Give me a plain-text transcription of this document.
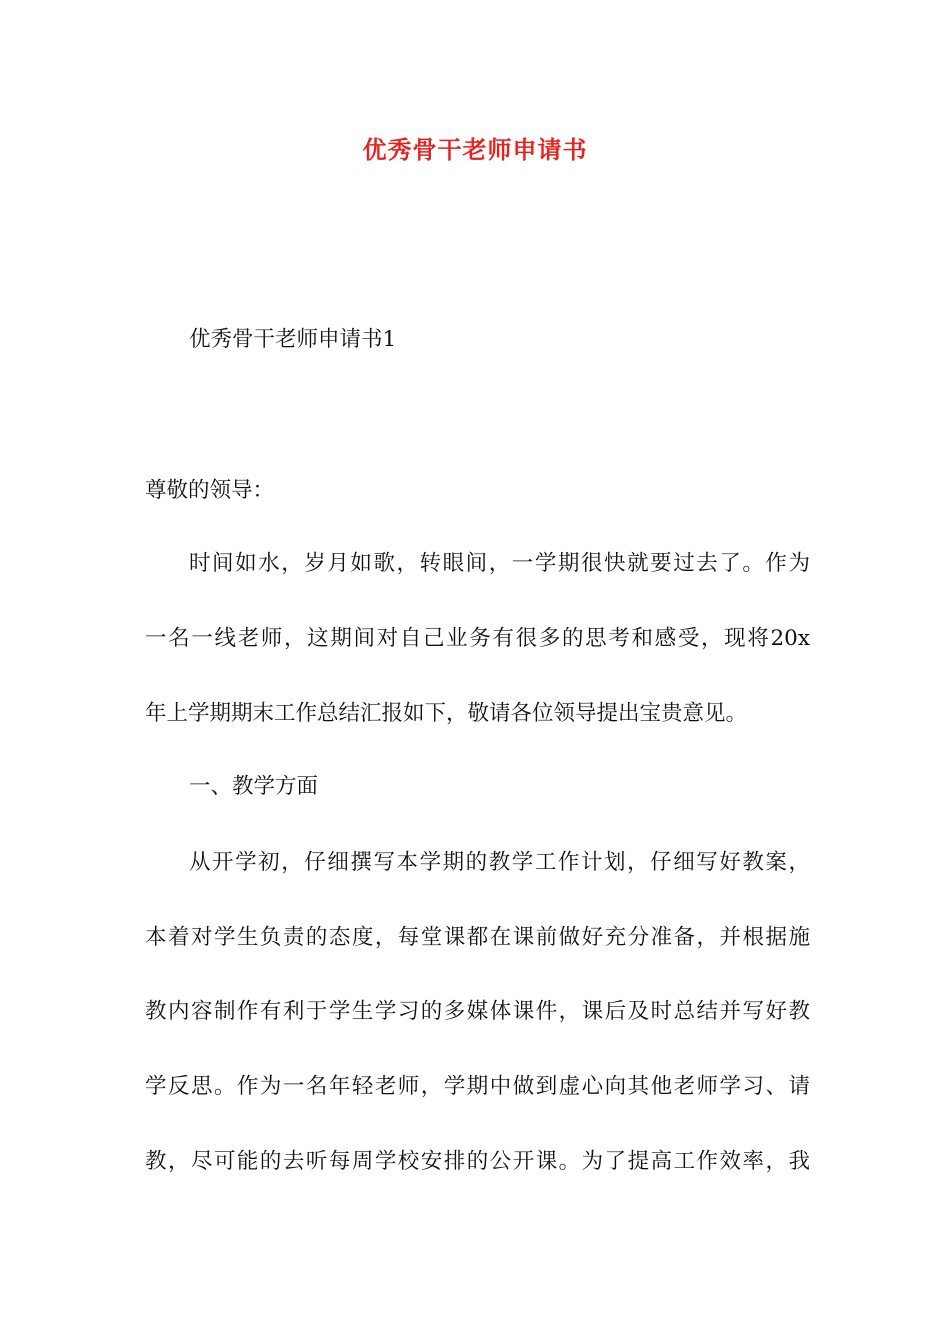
优秀骨干老师申请书
优秀骨干老师申请书1
尊敬的领导：
时间如水，岁月如歌，转眼间，一学期很快就要过去了。作为
一名一线老师，这期间对自己业务有很多的思考和感受，现将20x
年上学期期末工作总结汇报如下，敬请各位领导提出宝贵意见。
一、教学方面
从开学初，仔细撰写本学期的教学工作计划，仔细写好教案，
本着对学生负责的态度，每堂课都在课前做好充分准备，并根据施
教内容制作有利于学生学习的多媒体课件，课后及时总结并写好教
学反思。作为一名年轻老师，学期中做到虚心向其他老师学习、请
教，尽可能的去听每周学校安排的公开课。为了提高工作效率，我
